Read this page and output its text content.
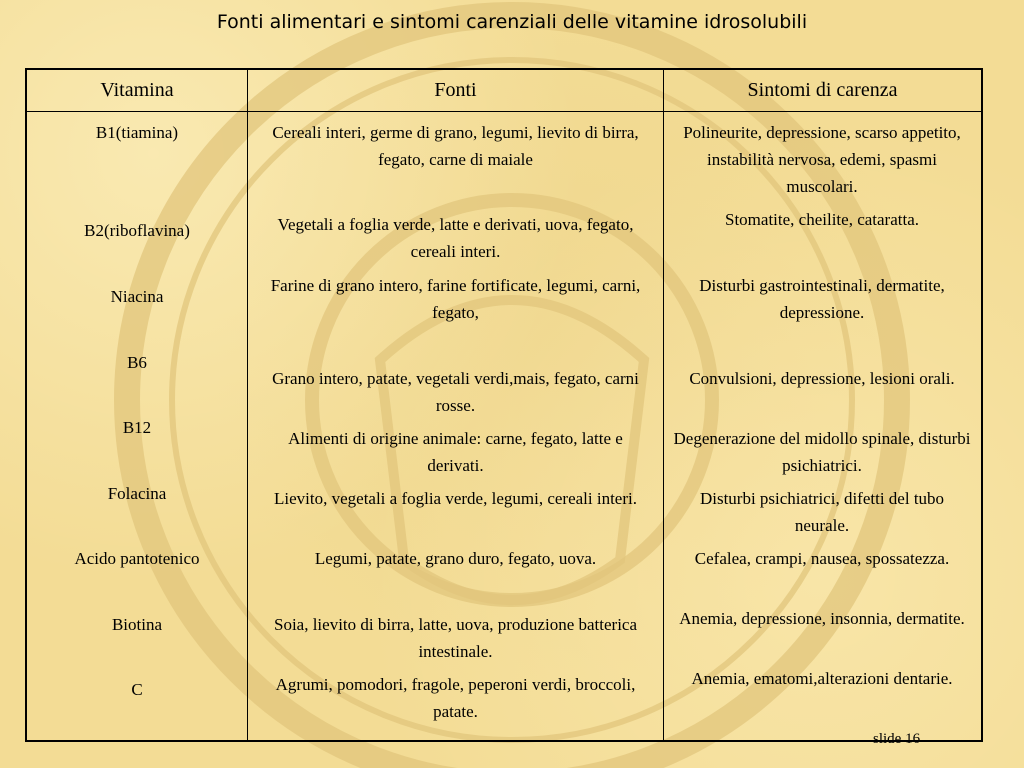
Fonti alimentari e sintomi carenziali delle vitamine idrosolubili
Vitamina	Fonti	Sintomi di carenza
B1(tiamina)
B2(riboflavina)
Niacina
B6
B12
Folacina
Acido pantotenico
Biotina
C
Cereali interi, germe di grano, legumi, lievito di birra, fegato, carne di maiale
Vegetali a foglia verde, latte e derivati, uova, fegato, cereali interi.
Farine di grano intero, farine fortificate, legumi, carni, fegato,
Grano intero, patate, vegetali verdi,mais, fegato, carni rosse.
Alimenti di origine animale: carne, fegato, latte e derivati.
Lievito, vegetali a foglia verde, legumi, cereali interi.
Legumi, patate, grano duro, fegato, uova.
Soia, lievito di birra, latte, uova, produzione batterica intestinale.
Agrumi, pomodori, fragole, peperoni verdi, broccoli, patate.
Polineurite, depressione, scarso appetito, instabilità nervosa, edemi, spasmi muscolari.
Stomatite, cheilite, cataratta.
Disturbi gastrointestinali, dermatite, depressione.
Convulsioni, depressione, lesioni orali.
Degenerazione del midollo spinale, disturbi psichiatrici.
Disturbi psichiatrici, difetti del tubo neurale.
Cefalea, crampi, nausea, spossatezza.
Anemia, depressione, insonnia, dermatite.
Anemia, ematomi,alterazioni dentarie.
slide 16
